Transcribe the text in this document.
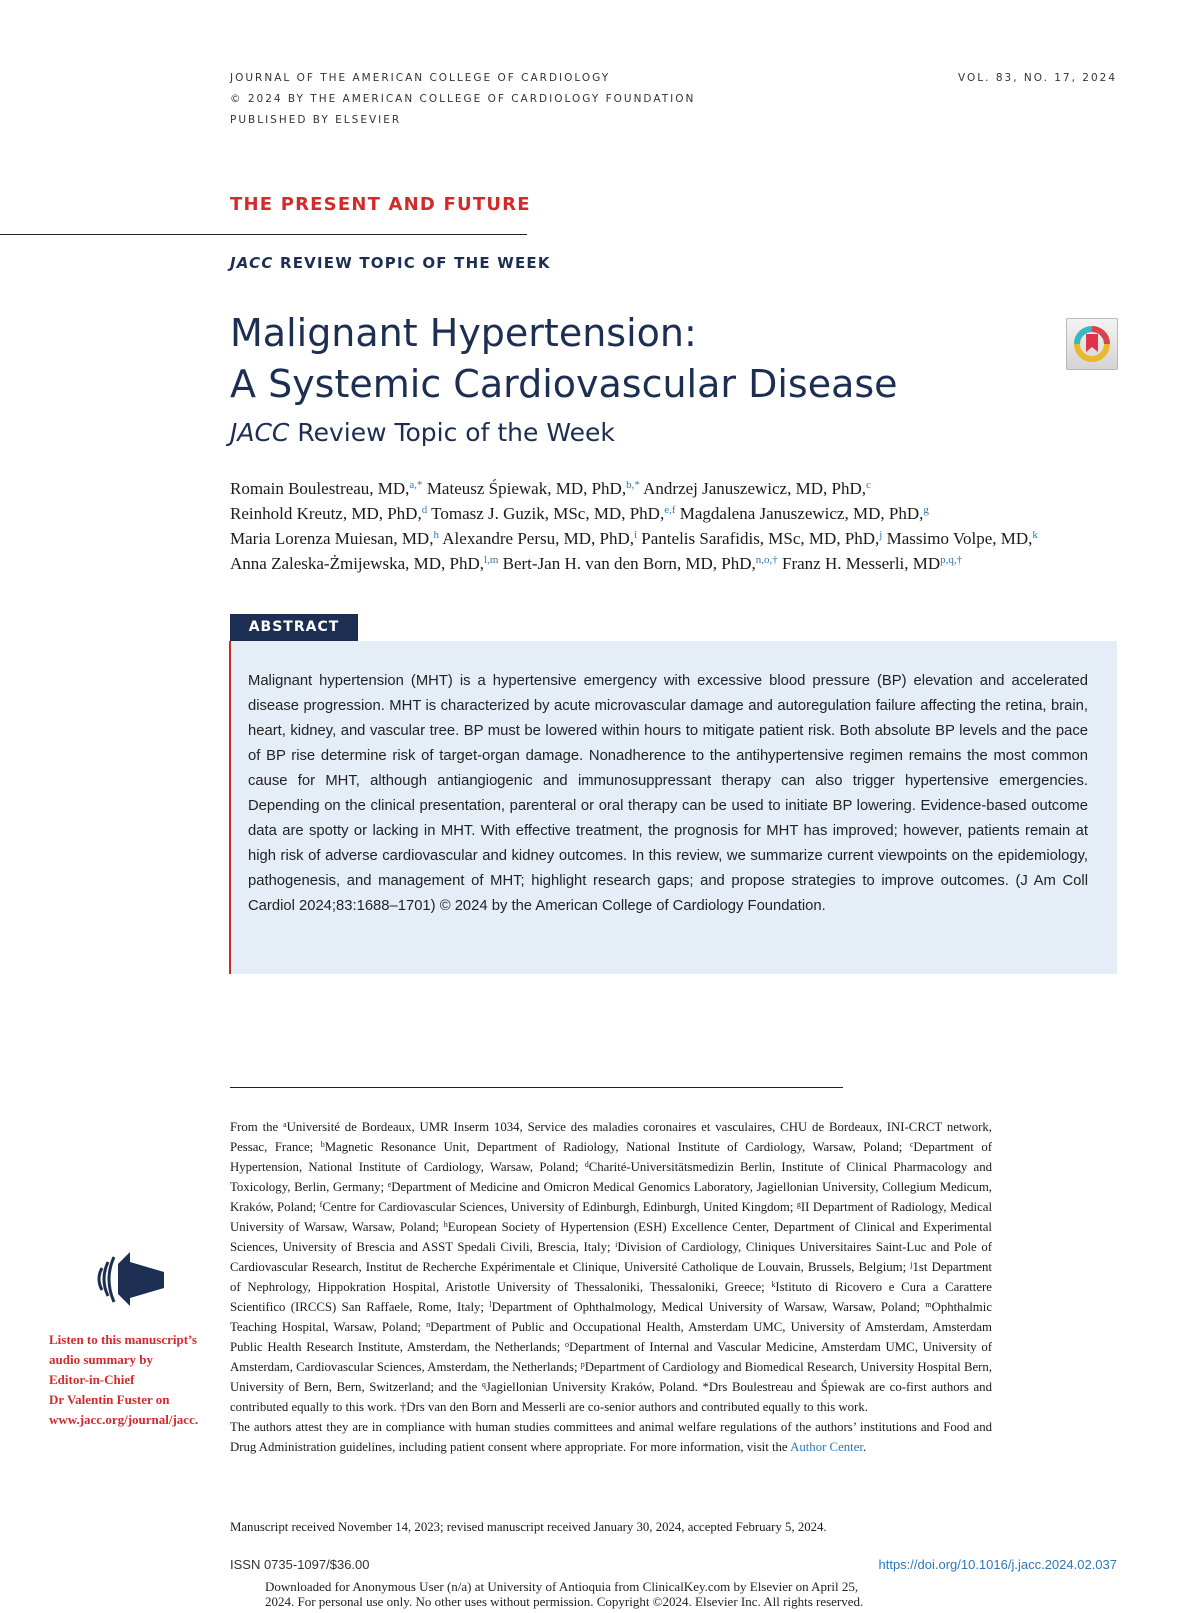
JOURNAL OF THE AMERICAN COLLEGE OF CARDIOLOGY
© 2024 BY THE AMERICAN COLLEGE OF CARDIOLOGY FOUNDATION
PUBLISHED BY ELSEVIER
VOL. 83, NO. 17, 2024
THE PRESENT AND FUTURE
JACC REVIEW TOPIC OF THE WEEK
Malignant Hypertension:
A Systemic Cardiovascular Disease
JACC Review Topic of the Week
Romain Boulestreau, MD,$^{a,*}$ Mateusz Śpiewak, MD, PhD,$^{b,*}$ Andrzej Januszewicz, MD, PhD,$^c$
Reinhold Kreutz, MD, PhD,$^d$ Tomasz J. Guzik, MSc, MD, PhD,$^{e,f}$ Magdalena Januszewicz, MD, PhD,$^g$
Maria Lorenza Muiesan, MD,$^h$ Alexandre Persu, MD, PhD,$^i$ Pantelis Sarafidis, MSc, MD, PhD,$^j$ Massimo Volpe, MD,$^k$
Anna Zaleska-Żmijewska, MD, PhD,$^{l,m}$ Bert-Jan H. van den Born, MD, PhD,$^{n,o,\dagger}$ Franz H. Messerli, $MD^{p,q,\dagger}$
ABSTRACT
Malignant hypertension (MHT) is a hypertensive emergency with excessive blood pressure (BP) elevation and accelerated disease progression. MHT is characterized by acute microvascular damage and autoregulation failure affecting the retina, brain, heart, kidney, and vascular tree. BP must be lowered within hours to mitigate patient risk. Both absolute BP levels and the pace of BP rise determine risk of target-organ damage. Nonadherence to the antihypertensive regimen remains the most common cause for MHT, although antiangiogenic and immunosuppressant therapy can also trigger hypertensive emergencies. Depending on the clinical presentation, parenteral or oral therapy can be used to initiate BP lowering. Evidence-based outcome data are spotty or lacking in MHT. With effective treatment, the prognosis for MHT has improved; however, patients remain at high risk of adverse cardiovascular and kidney outcomes. In this review, we summarize current viewpoints on the epidemiology, pathogenesis, and management of MHT; highlight research gaps; and propose strategies to improve outcomes. (J Am Coll Cardiol 2024;83:1688–1701) © 2024 by the American College of Cardiology Foundation.

From the $^a$Université de Bordeaux, UMR Inserm 1034, Service des maladies coronaires et vasculaires, CHU de Bordeaux, INI-CRCT network, Pessac, France; $^b$Magnetic Resonance Unit, Department of Radiology, National Institute of Cardiology, Warsaw, Poland; $^c$Department of Hypertension, National Institute of Cardiology, Warsaw, Poland; $^d$Charité-Universitätsmedizin Berlin, Institute of Clinical Pharmacology and Toxicology, Berlin, Germany; $^e$Department of Medicine and Omicron Medical Genomics Laboratory, Jagiellonian University, Collegium Medicum, Kraków, Poland; $^f$Centre for Cardiovascular Sciences, University of Edinburgh, Edinburgh, United Kingdom; $^g$II Department of Radiology, Medical University of Warsaw, Warsaw, Poland; $^h$European Society of Hypertension (ESH) Excellence Center, Department of Clinical and Experimental Sciences, University of Brescia and ASST Spedali Civili, Brescia, Italy; $^i$Division of Cardiology, Cliniques Universitaires Saint-Luc and Pole of Cardiovascular Research, Institut de Recherche Expérimentale et Clinique, Université Catholique de Louvain, Brussels, Belgium; $^j$1st Department of Nephrology, Hippokration Hospital, Aristotle University of Thessaloniki, Thessaloniki, Greece; $^k$Istituto di Ricovero e Cura a Carattere Scientifico (IRCCS) San Raffaele, Rome, Italy; $^l$Department of Ophthalmology, Medical University of Warsaw, Warsaw, Poland; $^m$Ophthalmic Teaching Hospital, Warsaw, Poland; $^n$Department of Public and Occupational Health, Amsterdam UMC, University of Amsterdam, Amsterdam Public Health Research Institute, Amsterdam, the Netherlands; $^o$Department of Internal and Vascular Medicine, Amsterdam UMC, University of Amsterdam, Cardiovascular Sciences, Amsterdam, the Netherlands; $^p$Department of Cardiology and Biomedical Research, University Hospital Bern, University of Bern, Bern, Switzerland; and the $^q$Jagiellonian University Kraków, Poland. *Drs Boulestreau and Śpiewak are co-first authors and contributed equally to this work. †Drs van den Born and Messerli are co-senior authors and contributed equally to this work.

The authors attest they are in compliance with human studies committees and animal welfare regulations of the authors’ institutions and Food and Drug Administration guidelines, including patient consent where appropriate. For more information, visit the Author Center.

Listen to this manuscript’s
audio summary by
Editor-in-Chief
Dr Valentin Fuster on
www.jacc.org/journal/jacc.
Manuscript received November 14, 2023; revised manuscript received January 30, 2024, accepted February 5, 2024.
ISSN 0735-1097/$36.00	https://doi.org/10.1016/j.jacc.2024.02.037
Downloaded for Anonymous User (n/a) at University of Antioquia from ClinicalKey.com by Elsevier on April 25,
2024. For personal use only. No other uses without permission. Copyright ©2024. Elsevier Inc. All rights reserved.
